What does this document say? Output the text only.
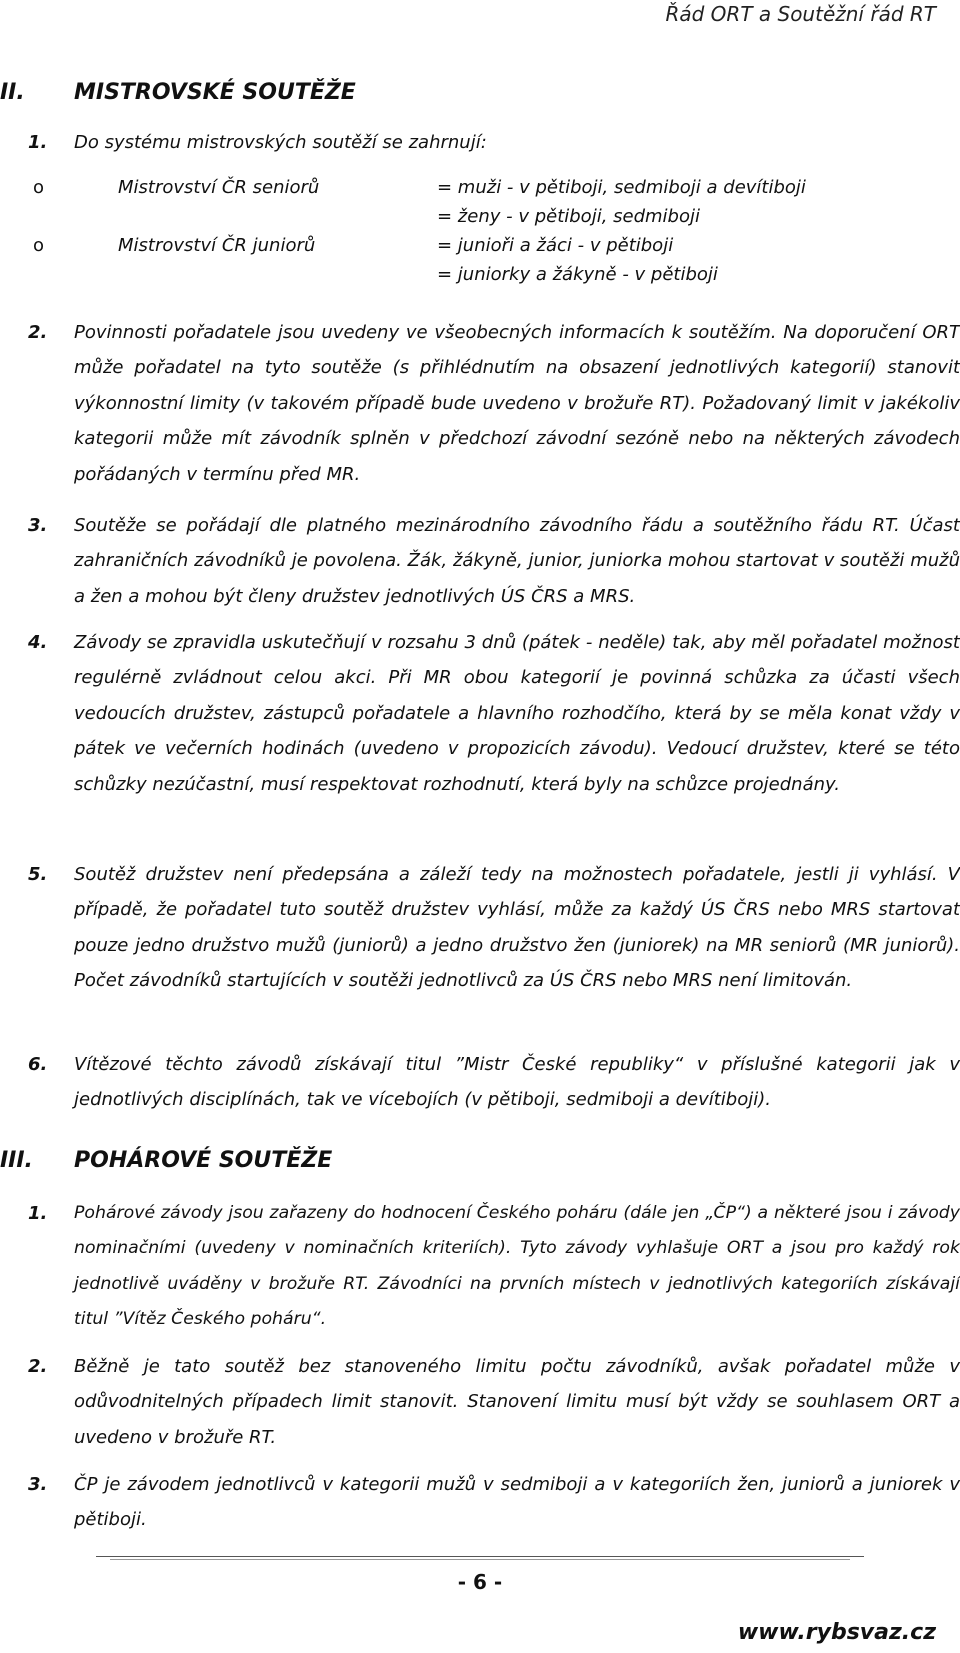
Řád ORT a Soutěžní řád RT
II. MISTROVSKÉ SOUTĚŽE
1. Do systému mistrovských soutěží se zahrnují:
o	Mistrovství ČR seniorů	= muži - v pětiboji, sedmiboji a devítiboji
= ženy - v pětiboji, sedmiboji
o	Mistrovství ČR juniorů	= junioři a žáci - v pětiboji
= juniorky a žákyně - v pětiboji
2. Povinnosti pořadatele jsou uvedeny ve všeobecných informacích k soutěžím. Na doporučení ORT může pořadatel na tyto soutěže (s přihlédnutím na obsazení jednotlivých kategorií) stanovit výkonnostní limity (v takovém případě bude uvedeno v brožuře RT). Požadovaný limit v jakékoliv kategorii může mít závodník splněn v předchozí závodní sezóně nebo na některých závodech pořádaných v termínu před MR.
3. Soutěže se pořádají dle platného mezinárodního závodního řádu a soutěžního řádu RT. Účast zahraničních závodníků je povolena. Žák, žákyně, junior, juniorka mohou startovat v soutěži mužů a žen a mohou být členy družstev jednotlivých ÚS ČRS a MRS.
4. Závody se zpravidla uskutečňují v rozsahu 3 dnů (pátek - neděle) tak, aby měl pořadatel možnost regulérně zvládnout celou akci. Při MR obou kategorií je povinná schůzka za účasti všech vedoucích družstev, zástupců pořadatele a hlavního rozhodčího, která by se měla konat vždy v pátek ve večerních hodinách (uvedeno v propozicích závodu). Vedoucí družstev, které se této schůzky nezúčastní, musí respektovat rozhodnutí, která byly na schůzce projednány.
5. Soutěž družstev není předepsána a záleží tedy na možnostech pořadatele, jestli ji vyhlásí. V případě, že pořadatel tuto soutěž družstev vyhlásí, může za každý ÚS ČRS nebo MRS startovat pouze jedno družstvo mužů (juniorů) a jedno družstvo žen (juniorek) na MR seniorů (MR juniorů). Počet závodníků startujících v soutěži jednotlivců za ÚS ČRS nebo MRS není limitován.
6. Vítězové těchto závodů získávají titul ”Mistr České republiky“ v příslušné kategorii jak v jednotlivých disciplínách, tak ve vícebojích (v pětiboji, sedmiboji a devítiboji).
III. POHÁROVÉ SOUTĚŽE
1. Pohárové závody jsou zařazeny do hodnocení Českého poháru (dále jen „ČP“) a některé jsou i závody nominačními (uvedeny v nominačních kriteriích). Tyto závody vyhlašuje ORT a jsou pro každý rok jednotlivě uváděny v brožuře RT. Závodníci na prvních místech v jednotlivých kategoriích získávají titul ”Vítěz Českého poháru“.
2. Běžně je tato soutěž bez stanoveného limitu počtu závodníků, avšak pořadatel může v odůvodnitelných případech limit stanovit. Stanovení limitu musí být vždy se souhlasem ORT a uvedeno v brožuře RT.
3. ČP je závodem jednotlivců v kategorii mužů v sedmiboji a v kategoriích žen, juniorů a juniorek v pětiboji.
- 6 -
www.rybsvaz.cz
